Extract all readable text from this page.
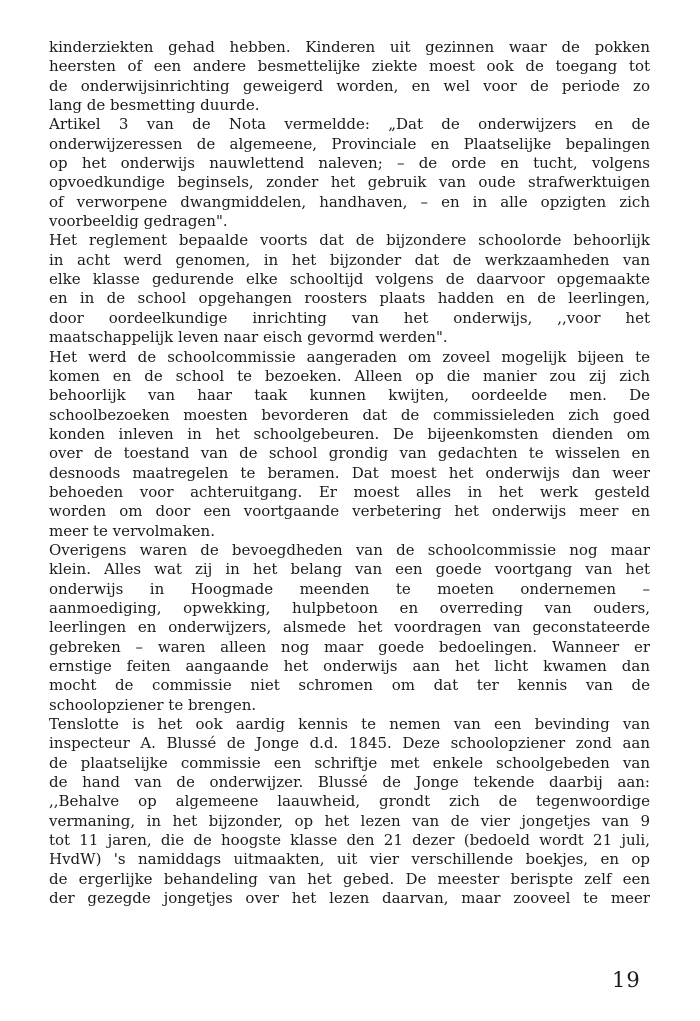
kinderziekten gehad hebben. Kinderen uit gezinnen waar de pokken
heersten of een andere besmettelijke ziekte moest ook de toegang tot
de onderwijsinrichting geweigerd worden, en wel voor de periode zo
lang de besmetting duurde.
Artikel 3 van de Nota vermeldde: „Dat de onderwijzers en de
onderwijzeressen de algemeene, Provinciale en Plaatselijke bepalingen
op het onderwijs nauwlettend naleven; – de orde en tucht, volgens
opvoedkundige beginsels, zonder het gebruik van oude strafwerktuigen
of verworpene dwangmiddelen, handhaven, – en in alle opzigten zich
voorbeeldig gedragen".
Het reglement bepaalde voorts dat de bijzondere schoolorde behoorlijk
in acht werd genomen, in het bijzonder dat de werkzaamheden van
elke klasse gedurende elke schooltijd volgens de daarvoor opgemaakte
en in de school opgehangen roosters plaats hadden en de leerlingen,
door oordeelkundige inrichting van het onderwijs, ,,voor het
maatschappelijk leven naar eisch gevormd werden".
Het werd de schoolcommissie aangeraden om zoveel mogelijk bijeen te
komen en de school te bezoeken. Alleen op die manier zou zij zich
behoorlijk van haar taak kunnen kwijten, oordeelde men. De
schoolbezoeken moesten bevorderen dat de commissieleden zich goed
konden inleven in het schoolgebeuren. De bijeenkomsten dienden om
over de toestand van de school grondig van gedachten te wisselen en
desnoods maatregelen te beramen. Dat moest het onderwijs dan weer
behoeden voor achteruitgang. Er moest alles in het werk gesteld
worden om door een voortgaande verbetering het onderwijs meer en
meer te vervolmaken.
Overigens waren de bevoegdheden van de schoolcommissie nog maar
klein. Alles wat zij in het belang van een goede voortgang van het
onderwijs in Hoogmade meenden te moeten ondernemen –
aanmoediging, opwekking, hulpbetoon en overreding van ouders,
leerlingen en onderwijzers, alsmede het voordragen van geconstateerde
gebreken – waren alleen nog maar goede bedoelingen. Wanneer er
ernstige feiten aangaande het onderwijs aan het licht kwamen dan
mocht de commissie niet schromen om dat ter kennis van de
schoolopziener te brengen.
Tenslotte is het ook aardig kennis te nemen van een bevinding van
inspecteur A. Blussé de Jonge d.d. 1845. Deze schoolopziener zond aan
de plaatselijke commissie een schriftje met enkele schoolgebeden van
de hand van de onderwijzer. Blussé de Jonge tekende daarbij aan:
,,Behalve op algemeene laauwheid, grondt zich de tegenwoordige
vermaning, in het bijzonder, op het lezen van de vier jongetjes van 9
tot 11 jaren, die de hoogste klasse den 21 dezer (bedoeld wordt 21 juli,
HvdW) 's namiddags uitmaakten, uit vier verschillende boekjes, en op
de ergerlijke behandeling van het gebed. De meester berispte zelf een
der gezegde jongetjes over het lezen daarvan, maar zooveel te meer
19
